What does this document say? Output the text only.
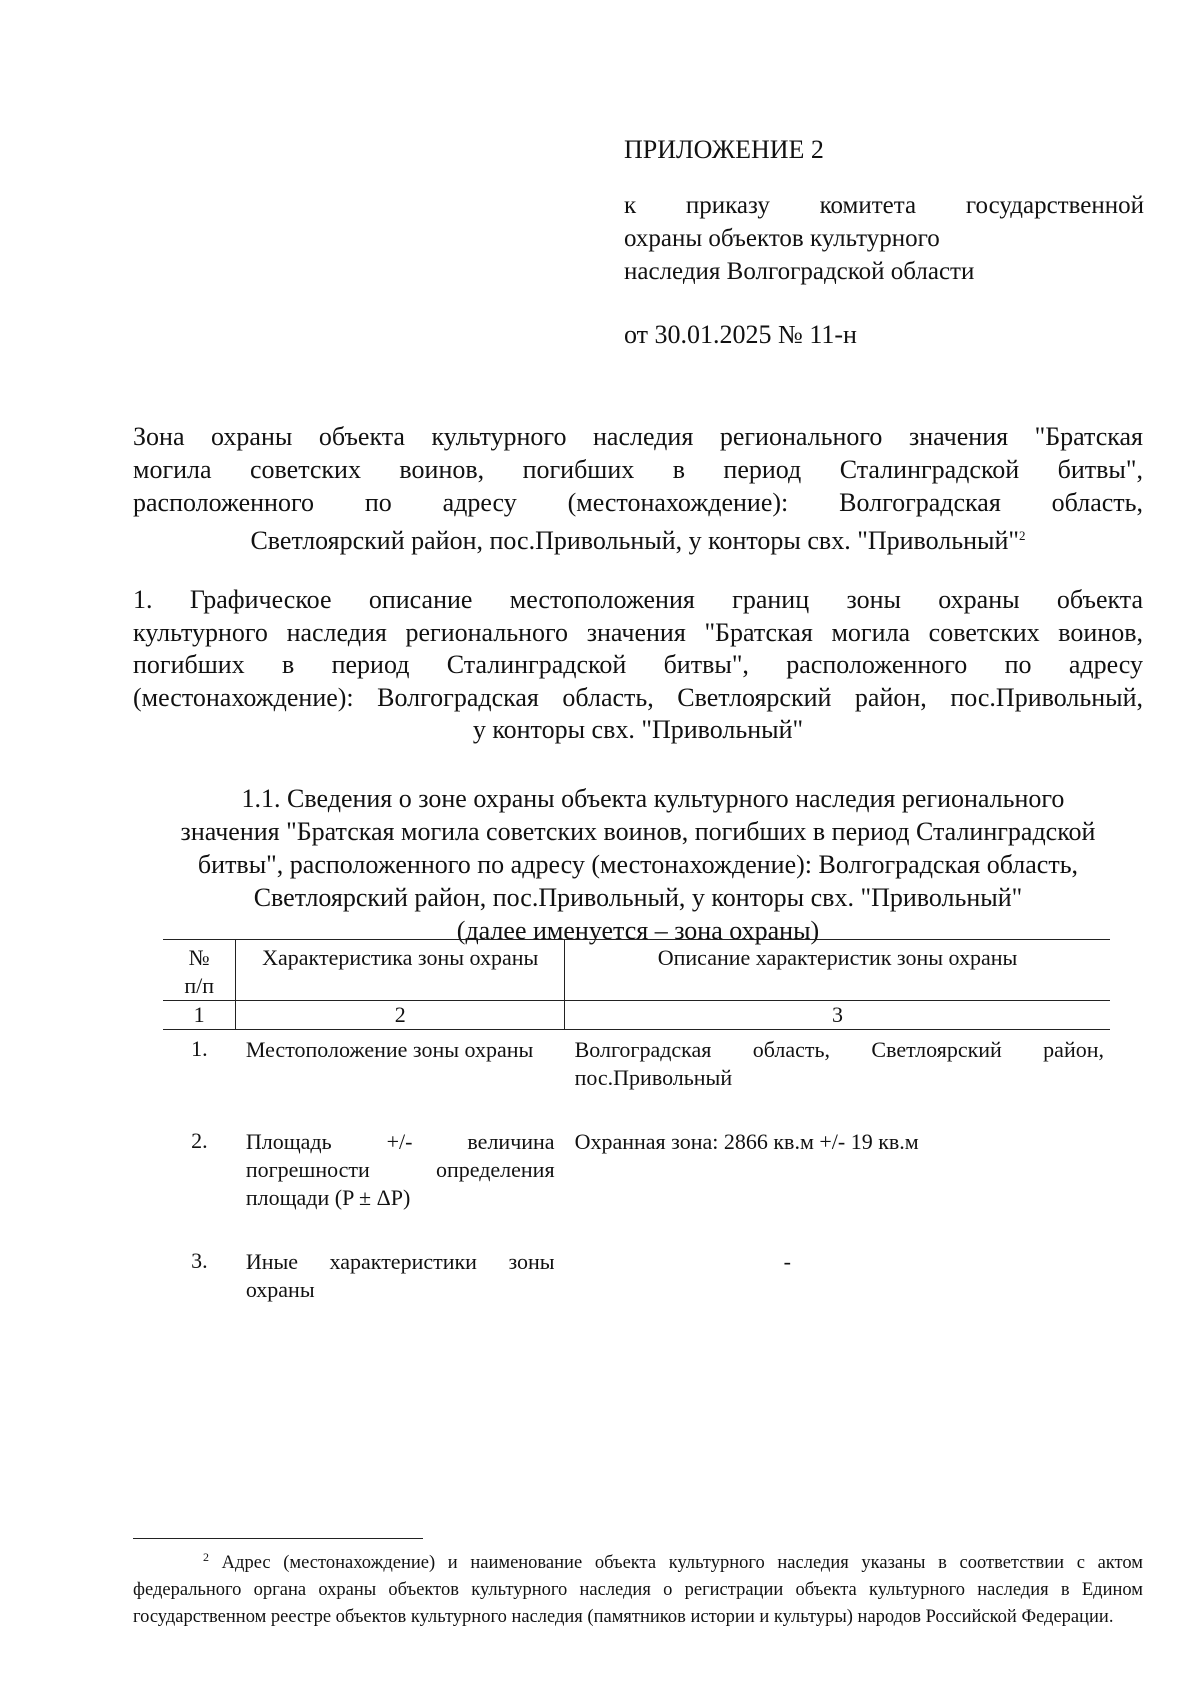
ПРИЛОЖЕНИЕ 2
к приказу комитета государственной
охраны объектов культурного
наследия Волгоградской области
от 30.01.2025 № 11-н
Зона охраны объекта культурного наследия регионального значения "Братская
могила советских воинов, погибших в период Сталинградской битвы",
расположенного по адресу (местонахождение): Волгоградская область,
Светлоярский район, пос.Привольный, у конторы свх. "Привольный"$^2$
1. Графическое описание местоположения границ зоны охраны объекта
культурного наследия регионального значения "Братская могила советских воинов,
погибших в период Сталинградской битвы", расположенного по адресу
(местонахождение): Волгоградская область, Светлоярский район, пос.Привольный,
у конторы свх. "Привольный"
1.1. Сведения о зоне охраны объекта культурного наследия регионального
значения "Братская могила советских воинов, погибших в период Сталинградской
битвы", расположенного по адресу (местонахождение): Волгоградская область,
Светлоярский район, пос.Привольный, у конторы свх. "Привольный"
(далее именуется – зона охраны)
№
п/п	Характеристика зоны охраны	Описание характеристик зоны охраны
1	2	3
1.	Местоположение зоны охраны	Волгоградская область, Светлоярский район,
пос.Привольный

2.	Площадь +/- величина
погрешности определения
площади (P ± ΔP)	Охранная зона: 2866 кв.м +/- 19 кв.м
3.	Иные характеристики зоны
охраны	-
$^2$ Адрес (местонахождение) и наименование объекта культурного наследия указаны в соответствии с актом федерального органа охраны объектов культурного наследия о регистрации объекта культурного наследия в Едином государственном реестре объектов культурного наследия (памятников истории и культуры) народов Российской Федерации.
